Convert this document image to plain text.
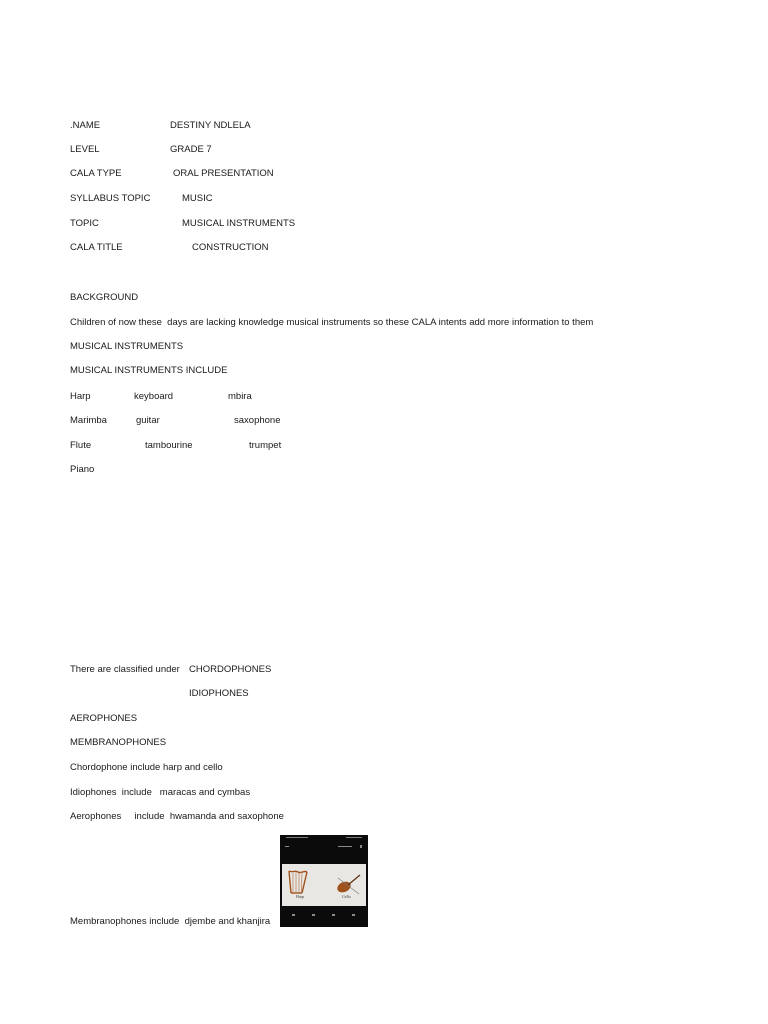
.NAME	DESTINY NDLELA
LEVEL	GRADE 7
CALA TYPE	ORAL PRESENTATION
SYLLABUS TOPIC	MUSIC
TOPIC	MUSICAL INSTRUMENTS
CALA TITLE	CONSTRUCTION
BACKGROUND
Children of now these  days are lacking knowledge musical instruments so these CALA intents add more information to them
MUSICAL INSTRUMENTS
MUSICAL INSTRUMENTS INCLUDE
Harp	keyboard	mbira
Marimba	guitar	saxophone
Flute	tambourine	trumpet
Piano
There are classified under CHORDOPHONES
IDIOPHONES
AEROPHONES
MEMBRANOPHONES
Chordophone include harp and cello
Idiophones  include   maracas and cymbas
Aerophones     include  hwamanda and saxophone
Membranophones include  djembe and khanjira
Harp	Cello
